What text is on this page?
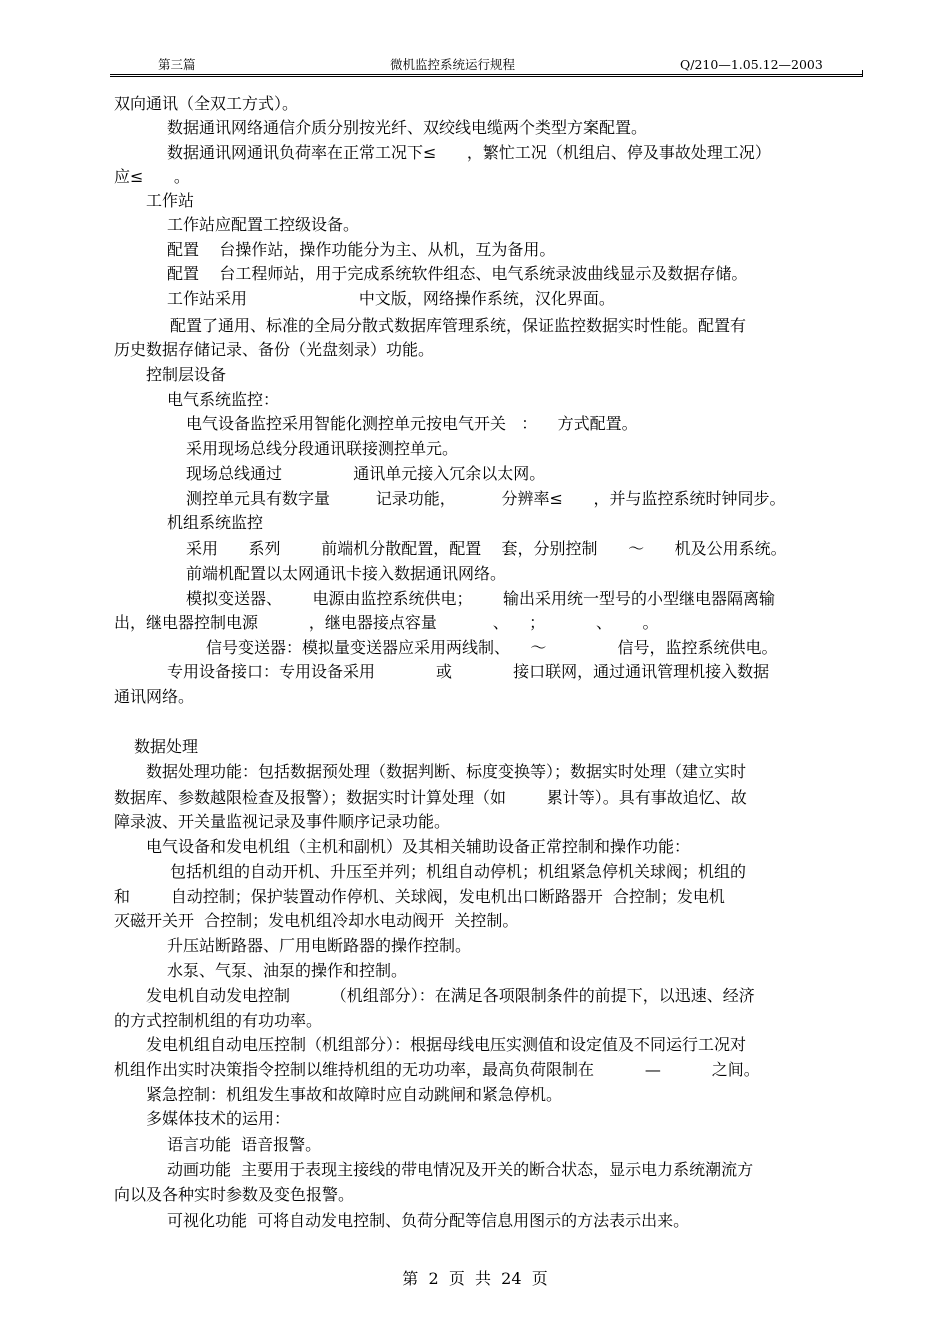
第三篇	微机监控系统运行规程	Q/210—1.05.12—2003
双向通讯（全双工方式）。
数据通讯网络通信介质分别按光纤、双绞线电缆两个类型方案配置。
数据通讯网通讯负荷率在正常工况下≤      ，繁忙工况（机组启、停及事故处理工况）
应≤      。
工作站
工作站应配置工控级设备。
配置    台操作站，操作功能分为主、从机，互为备用。
配置    台工程师站，用于完成系统软件组态、电气系统录波曲线显示及数据存储。
工作站采用                      中文版，网络操作系统，汉化界面。
配置了通用、标准的全局分散式数据库管理系统，保证监控数据实时性能。配置有
历史数据存储记录、备份（光盘刻录）功能。
控制层设备
电气系统监控：
电气设备监控采用智能化测控单元按电气开关   ：    方式配置。
采用现场总线分段通讯联接测控单元。
现场总线通过              通讯单元接入冗余以太网。
测控单元具有数字量         记录功能，         分辨率≤      ，并与监控系统时钟同步。
机组系统监控
采用      系列        前端机分散配置，配置    套，分别控制      ～      机及公用系统。
前端机配置以太网通讯卡接入数据通讯网络。
模拟变送器、      电源由监控系统供电；      输出采用统一型号的小型继电器隔离输
出，继电器控制电源          ，继电器接点容量           、    ；          、      。
信号变送器：模拟量变送器应采用两线制、    ～              信号，监控系统供电。
专用设备接口：专用设备采用            或            接口联网，通过通讯管理机接入数据
通讯网络。
数据处理
数据处理功能：包括数据预处理（数据判断、标度变换等）；数据实时处理（建立实时
数据库、参数越限检查及报警）；数据实时计算处理（如        累计等）。具有事故追忆、故
障录波、开关量监视记录及事件顺序记录功能。
电气设备和发电机组（主机和副机）及其相关辅助设备正常控制和操作功能：
包括机组的自动开机、升压至并列；机组自动停机；机组紧急停机关球阀；机组的
和        自动控制；保护装置动作停机、关球阀，发电机出口断路器开  合控制；发电机
灭磁开关开  合控制；发电机组冷却水电动阀开  关控制。
升压站断路器、厂用电断路器的操作控制。
水泵、气泵、油泵的操作和控制。
发电机自动发电控制        （机组部分）：在满足各项限制条件的前提下，以迅速、经济
的方式控制机组的有功功率。
发电机组自动电压控制（机组部分）：根据母线电压实测值和设定值及不同运行工况对
机组作出实时决策指令控制以维持机组的无功功率，最高负荷限制在          —          之间。
紧急控制：机组发生事故和故障时应自动跳闸和紧急停机。
多媒体技术的运用：
语言功能  语音报警。
动画功能  主要用于表现主接线的带电情况及开关的断合状态，显示电力系统潮流方
向以及各种实时参数及变色报警。
可视化功能  可将自动发电控制、负荷分配等信息用图示的方法表示出来。
第  2  页  共  24  页
